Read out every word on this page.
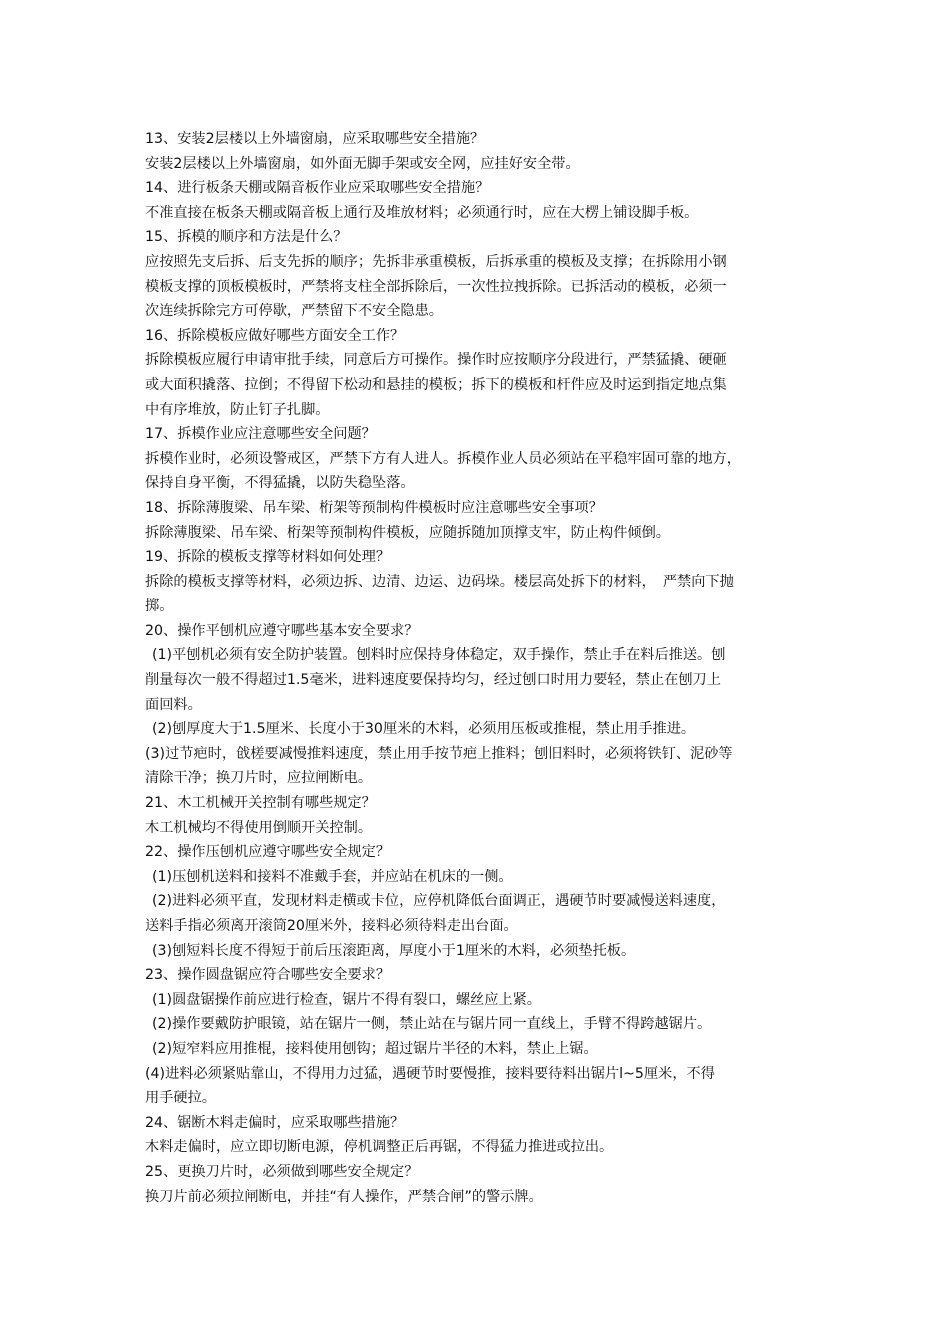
13、安装2层楼以上外墙窗扇，应采取哪些安全措施？
安装2层楼以上外墙窗扇，如外面无脚手架或安全网，应挂好安全带。
14、进行板条天棚或隔音板作业应采取哪些安全措施？
不准直接在板条天棚或隔音板上通行及堆放材料；必须通行时，应在大楞上铺设脚手板。
15、拆模的顺序和方法是什么？
应按照先支后拆、后支先拆的顺序；先拆非承重模板，后拆承重的模板及支撑；在拆除用小钢
模板支撑的顶板模板时，严禁将支柱全部拆除后，一次性拉拽拆除。已拆活动的模板，必须一
次连续拆除完方可停歇，严禁留下不安全隐患。
16、拆除模板应做好哪些方面安全工作？
拆除模板应履行申请审批手续，同意后方可操作。操作时应按顺序分段进行，严禁猛撬、硬砸
或大面积撬落、拉倒；不得留下松动和悬挂的模板；拆下的模板和杆件应及时运到指定地点集
中有序堆放，防止钉子扎脚。
17、拆模作业应注意哪些安全问题？
拆模作业时，必须设警戒区，严禁下方有人进人。拆模作业人员必须站在平稳牢固可靠的地方，
保持自身平衡，不得猛撬，以防失稳坠落。
18、拆除薄腹梁、吊车梁、桁架等预制构件模板时应注意哪些安全事项？
拆除薄腹梁、吊车梁、桁架等预制构件模板，应随拆随加顶撑支牢，防止构件倾倒。
19、拆除的模板支撑等材料如何处理？
拆除的模板支撑等材料，必须边拆、边清、边运、边码垛。楼层高处拆下的材料，　严禁向下抛
掷。
20、操作平刨机应遵守哪些基本安全要求？
(1)平刨机必须有安全防护装置。刨料时应保持身体稳定，双手操作，禁止手在料后推送。刨
削量每次一般不得超过1.5毫米，进料速度要保持均匀，经过刨口时用力要轻，禁止在刨刀上
面回料。
(2)刨厚度大于1.5厘米、长度小于30厘米的木料，必须用压板或推棍，禁止用手推进。
(3)过节疤时，戗槎要减慢推料速度，禁止用手按节疤上推料；刨旧料时，必须将铁钉、泥砂等
清除干净；换刀片时，应拉闸断电。
21、木工机械开关控制有哪些规定？
木工机械均不得使用倒顺开关控制。
22、操作压刨机应遵守哪些安全规定？
(1)压刨机送料和接料不准戴手套，并应站在机床的一侧。
(2)进料必须平直，发现材料走横或卡位，应停机降低台面调正，遇硬节时要减慢送料速度，
送料手指必须离开滚筒20厘米外，接料必须待料走出台面。
(3)刨短料长度不得短于前后压滚距离，厚度小于1厘米的木料，必须垫托板。
23、操作圆盘锯应符合哪些安全要求？
(1)圆盘锯操作前应进行检查，锯片不得有裂口，螺丝应上紧。
(2)操作要戴防护眼镜，站在锯片一侧，禁止站在与锯片同一直线上，手臂不得跨越锯片。
(2)短窄料应用推棍，接料使用刨钩；超过锯片半径的木料，禁止上锯。
(4)进料必须紧贴靠山，不得用力过猛，遇硬节时要慢推，接料要待料出锯片l~5厘米，不得
用手硬拉。
24、锯断木料走偏时，应采取哪些措施？
木料走偏时，应立即切断电源，停机调整正后再锯，不得猛力推进或拉出。
25、更换刀片时，必须做到哪些安全规定？
换刀片前必须拉闸断电，并挂“有人操作，严禁合闸”的警示牌。
